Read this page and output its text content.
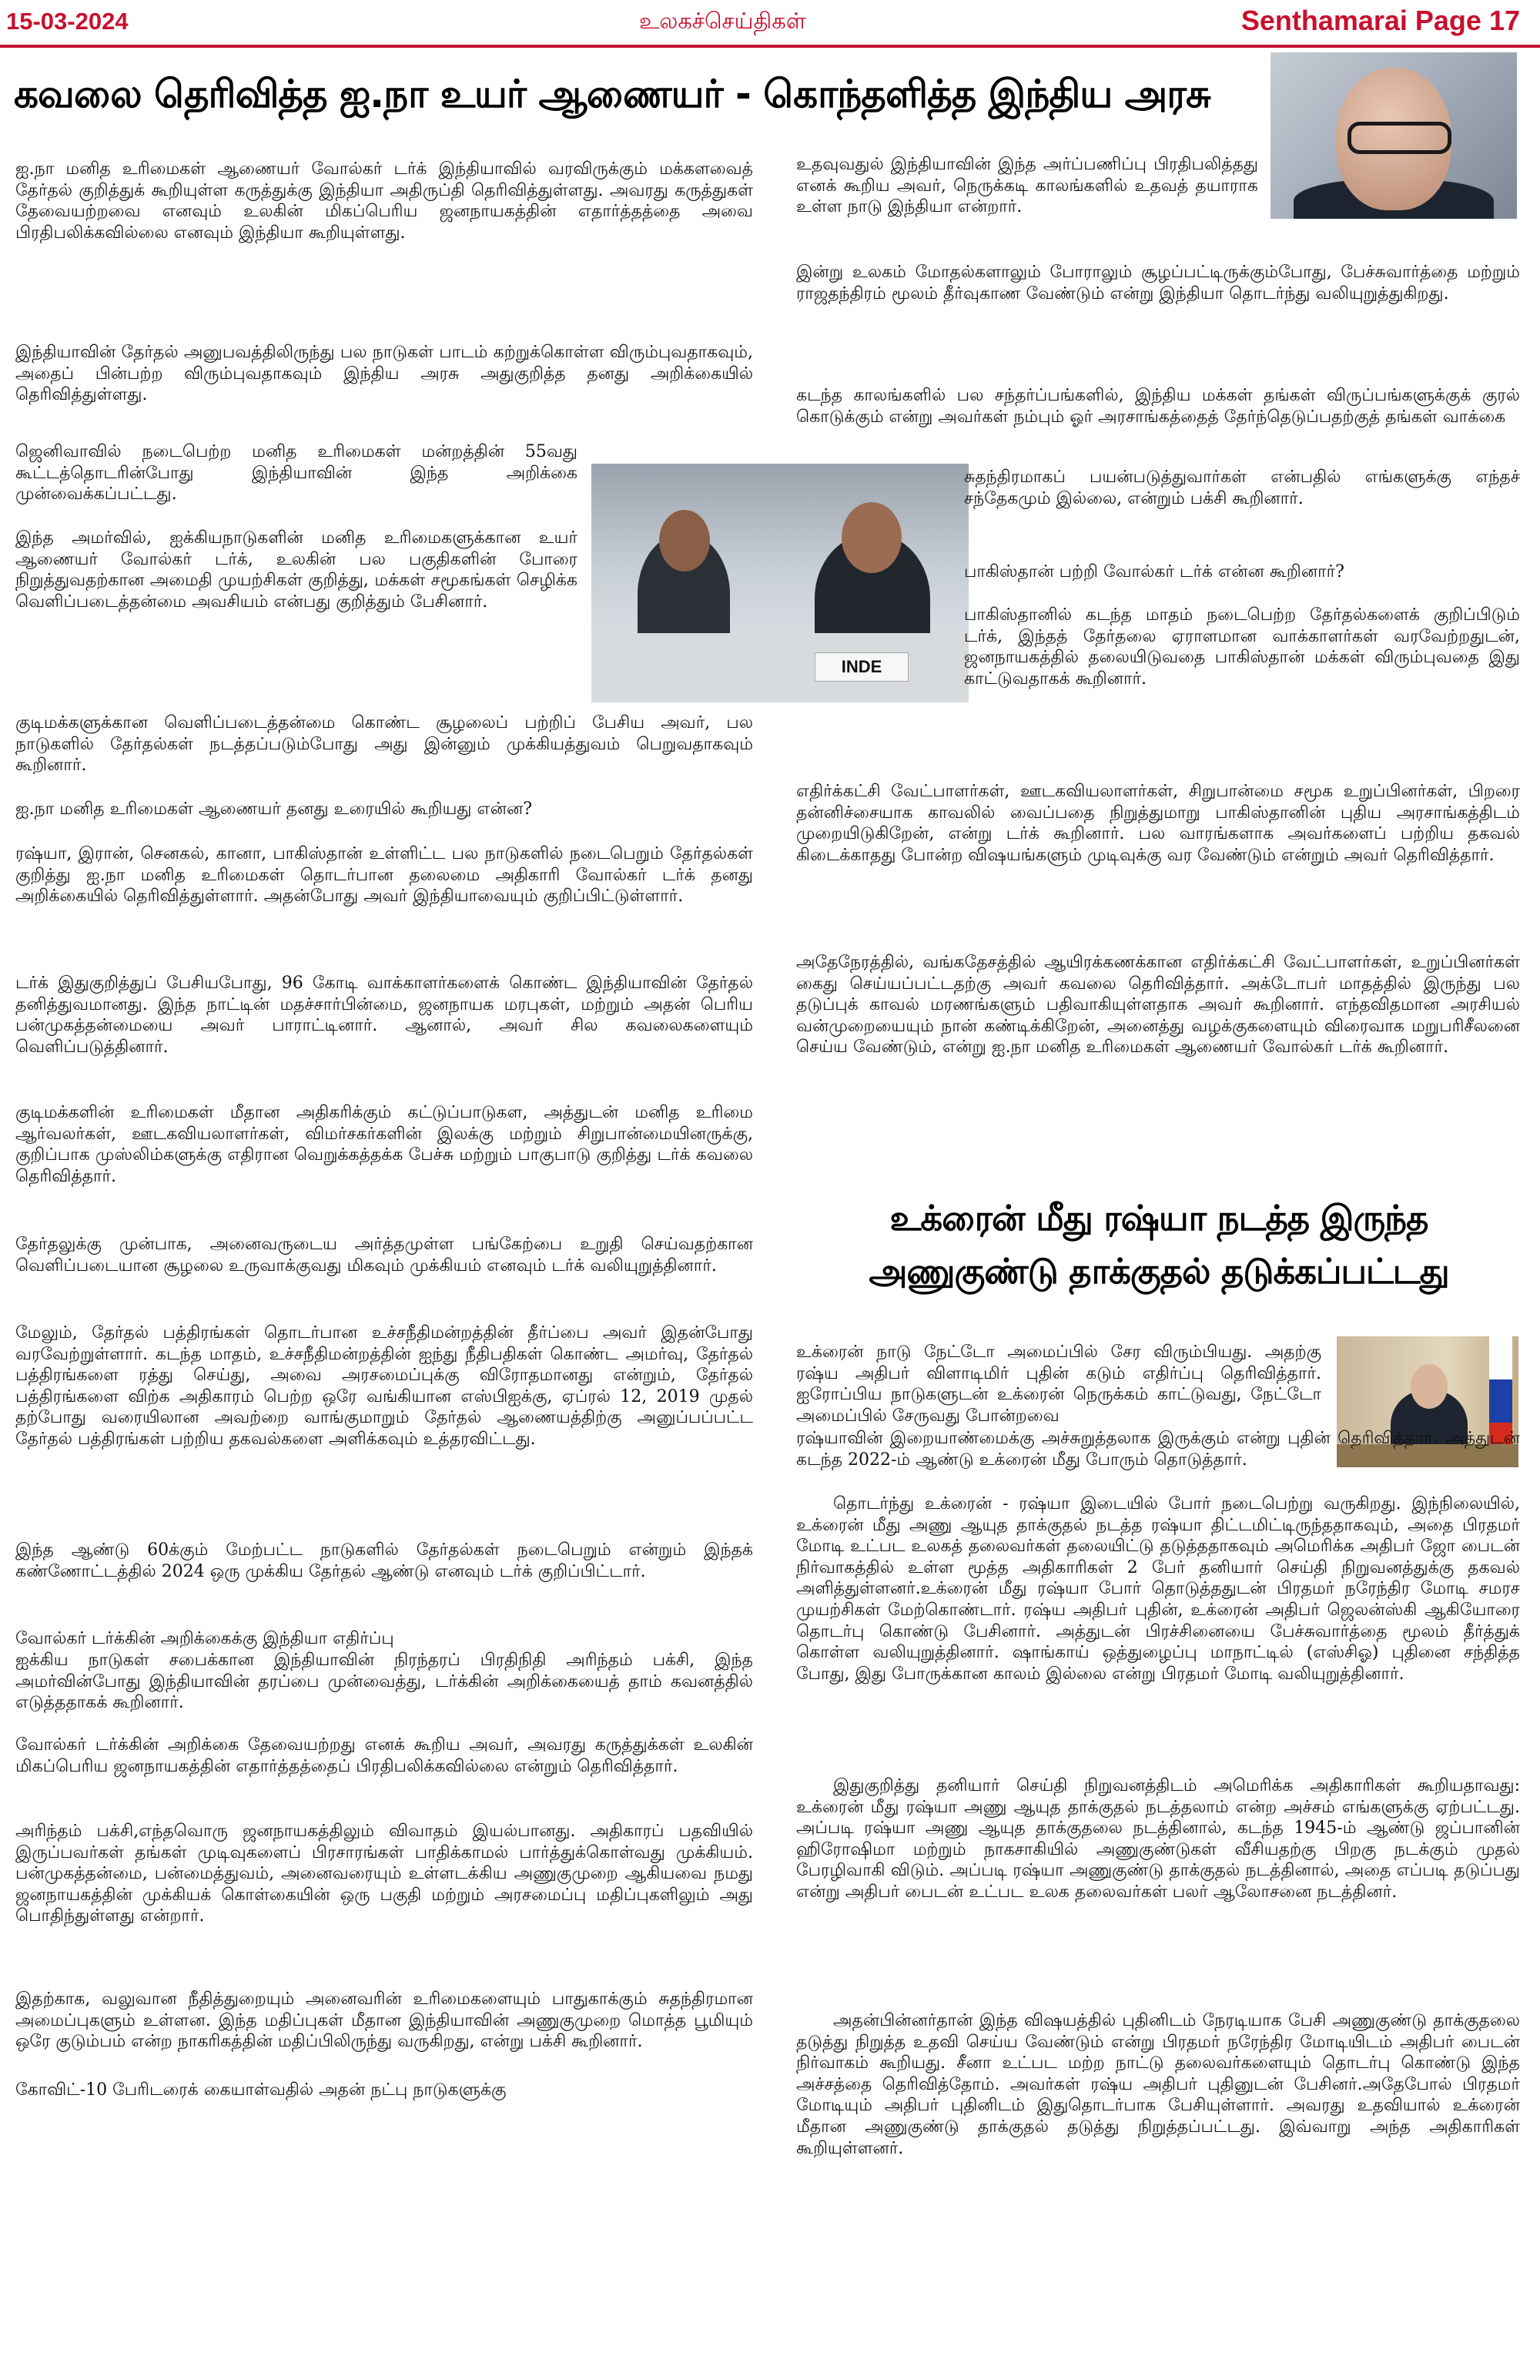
15-03-2024	உலகச்செய்திகள்	Senthamarai Page 17
கவலை தெரிவித்த ஐ.நா உயர் ஆணையர் - கொந்தளித்த இந்திய அரசு
INDE

ஐ.நா மனித உரிமைகள் ஆணையர் வோல்கர் டர்க் இந்தியாவில் வரவிருக்கும் மக்களவைத் தேர்தல் குறித்துக் கூறியுள்ள கருத்துக்கு இந்தியா அதிருப்தி தெரிவித்துள்ளது. அவரது கருத்துகள் தேவையற்றவை எனவும் உலகின் மிகப்பெரிய ஜனநாயகத்தின் எதார்த்தத்தை அவை பிரதிபலிக்கவில்லை எனவும் இந்தியா கூறியுள்ளது.

இந்தியாவின் தேர்தல் அனுபவத்திலிருந்து பல நாடுகள் பாடம் கற்றுக்கொள்ள விரும்புவதாகவும், அதைப் பின்பற்ற விரும்புவதாகவும் இந்திய அரசு அதுகுறித்த தனது அறிக்கையில் தெரிவித்துள்ளது.

ஜெனிவாவில் நடைபெற்ற மனித உரிமைகள் மன்றத்தின் 55வது கூட்டத்தொடரின்போது இந்தியாவின் இந்த அறிக்கை முன்வைக்கப்பட்டது.

இந்த அமர்வில், ஐக்கியநாடுகளின் மனித உரிமைகளுக்கான உயர் ஆணையர் வோல்கர் டர்க், உலகின் பல பகுதிகளின் போரை நிறுத்துவதற்கான அமைதி முயற்சிகள் குறித்து, மக்கள் சமூகங்கள் செழிக்க வெளிப்படைத்தன்மை அவசியம் என்பது குறித்தும் பேசினார்.

குடிமக்களுக்கான வெளிப்படைத்தன்மை கொண்ட சூழலைப் பற்றிப் பேசிய அவர், பல நாடுகளில் தேர்தல்கள் நடத்தப்படும்போது அது இன்னும் முக்கியத்துவம் பெறுவதாகவும் கூறினார்.

ஐ.நா மனித உரிமைகள் ஆணையர் தனது உரையில் கூறியது என்ன?

ரஷ்யா, இரான், செனகல், கானா, பாகிஸ்தான் உள்ளிட்ட பல நாடுகளில் நடைபெறும் தேர்தல்கள் குறித்து ஐ.நா மனித உரிமைகள் தொடர்பான தலைமை அதிகாரி வோல்கர் டர்க் தனது அறிக்கையில் தெரிவித்துள்ளார். அதன்போது அவர் இந்தியாவையும் குறிப்பிட்டுள்ளார்.

டர்க் இதுகுறித்துப் பேசியபோது, 96 கோடி வாக்காளர்களைக் கொண்ட இந்தியாவின் தேர்தல் தனித்துவமானது. இந்த நாட்டின் மதச்சார்பின்மை, ஜனநாயக மரபுகள், மற்றும் அதன் பெரிய பன்முகத்தன்மையை அவர் பாராட்டினார். ஆனால், அவர் சில கவலைகளையும் வெளிப்படுத்தினார்.

குடிமக்களின் உரிமைகள் மீதான அதிகரிக்கும் கட்டுப்பாடுகள, அத்துடன் மனித உரிமை ஆர்வலர்கள், ஊடகவியலாளர்கள், விமர்சகர்களின் இலக்கு மற்றும் சிறுபான்மையினருக்கு, குறிப்பாக முஸ்லிம்களுக்கு எதிரான வெறுக்கத்தக்க பேச்சு மற்றும் பாகுபாடு குறித்து டர்க் கவலை தெரிவித்தார்.

தேர்தலுக்கு முன்பாக, அனைவருடைய அர்த்தமுள்ள பங்கேற்பை உறுதி செய்வதற்கான வெளிப்படையான சூழலை உருவாக்குவது மிகவும் முக்கியம் எனவும் டர்க் வலியுறுத்தினார்.

மேலும், தேர்தல் பத்திரங்கள் தொடர்பான உச்சநீதிமன்றத்தின் தீர்ப்பை அவர் இதன்போது வரவேற்றுள்ளார். கடந்த மாதம், உச்சநீதிமன்றத்தின் ஐந்து நீதிபதிகள் கொண்ட அமர்வு, தேர்தல் பத்திரங்களை ரத்து செய்து, அவை அரசமைப்புக்கு விரோதமானது என்றும், தேர்தல் பத்திரங்களை விற்க அதிகாரம் பெற்ற ஒரே வங்கியான எஸ்பிஐக்கு, ஏப்ரல் 12, 2019 முதல் தற்போது வரையிலான அவற்றை வாங்குமாறும் தேர்தல் ஆணையத்திற்கு அனுப்பப்பட்ட தேர்தல் பத்திரங்கள் பற்றிய தகவல்களை அளிக்கவும் உத்தரவிட்டது.

இந்த ஆண்டு 60க்கும் மேற்பட்ட நாடுகளில் தேர்தல்கள் நடைபெறும் என்றும் இந்தக் கண்ணோட்டத்தில் 2024 ஒரு முக்கிய தேர்தல் ஆண்டு எனவும் டர்க் குறிப்பிட்டார்.

வோல்கர் டர்க்கின் அறிக்கைக்கு இந்தியா எதிர்ப்பு

ஐக்கிய நாடுகள் சபைக்கான இந்தியாவின் நிரந்தரப் பிரதிநிதி அரிந்தம் பக்சி, இந்த அமர்வின்போது இந்தியாவின் தரப்பை முன்வைத்து, டர்க்கின் அறிக்கையைத் தாம் கவனத்தில் எடுத்ததாகக் கூறினார்.

வோல்கர் டர்க்கின் அறிக்கை தேவையற்றது எனக் கூறிய அவர், அவரது கருத்துக்கள் உலகின் மிகப்பெரிய ஜனநாயகத்தின் எதார்த்தத்தைப் பிரதிபலிக்கவில்லை என்றும் தெரிவித்தார்.

அரிந்தம் பக்சி,எந்தவொரு ஜனநாயகத்திலும் விவாதம் இயல்பானது. அதிகாரப் பதவியில் இருப்பவர்கள் தங்கள் முடிவுகளைப் பிரசாரங்கள் பாதிக்காமல் பார்த்துக்கொள்வது முக்கியம். பன்முகத்தன்மை, பன்மைத்துவம், அனைவரையும் உள்ளடக்கிய அணுகுமுறை ஆகியவை நமது ஜனநாயகத்தின் முக்கியக் கொள்கையின் ஒரு பகுதி மற்றும் அரசமைப்பு மதிப்புகளிலும் அது பொதிந்துள்ளது என்றார்.

இதற்காக, வலுவான நீதித்துறையும் அனைவரின் உரிமைகளையும் பாதுகாக்கும் சுதந்திரமான அமைப்புகளும் உள்ளன. இந்த மதிப்புகள் மீதான இந்தியாவின் அணுகுமுறை மொத்த பூமியும் ஒரே குடும்பம் என்ற நாகரிகத்தின் மதிப்பிலிருந்து வருகிறது, என்று பக்சி கூறினார்.

கோவிட்-10 பேரிடரைக் கையாள்வதில் அதன் நட்பு நாடுகளுக்கு

உதவுவதுல் இந்தியாவின் இந்த அர்ப்பணிப்பு பிரதிபலித்தது எனக் கூறிய அவர், நெருக்கடி காலங்களில் உதவத் தயாராக உள்ள நாடு இந்தியா என்றார்.

இன்று உலகம் மோதல்களாலும் போராலும் சூழப்பட்டிருக்கும்போது, பேச்சுவார்த்தை மற்றும் ராஜதந்திரம் மூலம் தீர்வுகாண வேண்டும் என்று இந்தியா தொடர்ந்து வலியுறுத்துகிறது.

கடந்த காலங்களில் பல சந்தர்ப்பங்களில், இந்திய மக்கள் தங்கள் விருப்பங்களுக்குக் குரல் கொடுக்கும் என்று அவர்கள் நம்பும் ஓர் அரசாங்கத்தைத் தேர்ந்தெடுப்பதற்குத் தங்கள் வாக்கை

சுதந்திரமாகப் பயன்படுத்துவார்கள் என்பதில் எங்களுக்கு எந்தச் சந்தேகமும் இல்லை, என்றும் பக்சி கூறினார்.

பாகிஸ்தான் பற்றி வோல்கர் டர்க் என்ன கூறினார்?

பாகிஸ்தானில் கடந்த மாதம் நடைபெற்ற தேர்தல்களைக் குறிப்பிடும் டர்க், இந்தத் தேர்தலை ஏராளமான வாக்காளர்கள் வரவேற்றதுடன், ஜனநாயகத்தில் தலையிடுவதை பாகிஸ்தான் மக்கள் விரும்புவதை இது காட்டுவதாகக் கூறினார்.

எதிர்க்கட்சி வேட்பாளர்கள், ஊடகவியலாளர்கள், சிறுபான்மை சமூக உறுப்பினர்கள், பிறரை தன்னிச்சையாக காவலில் வைப்பதை நிறுத்துமாறு பாகிஸ்தானின் புதிய அரசாங்கத்திடம் முறையிடுகிறேன், என்று டர்க் கூறினார். பல வாரங்களாக அவர்களைப் பற்றிய தகவல் கிடைக்காதது போன்ற விஷயங்களும் முடிவுக்கு வர வேண்டும் என்றும் அவர் தெரிவித்தார்.

அதேநேரத்தில், வங்கதேசத்தில் ஆயிரக்கணக்கான எதிர்க்கட்சி வேட்பாளர்கள், உறுப்பினர்கள் கைது செய்யப்பட்டதற்கு அவர் கவலை தெரிவித்தார். அக்டோபர் மாதத்தில் இருந்து பல தடுப்புக் காவல் மரணங்களும் பதிவாகியுள்ளதாக அவர் கூறினார். எந்தவிதமான அரசியல் வன்முறையையும் நான் கண்டிக்கிறேன், அனைத்து வழக்குகளையும் விரைவாக மறுபரிசீலனை செய்ய வேண்டும், என்று ஐ.நா மனித உரிமைகள் ஆணையர் வோல்கர் டர்க் கூறினார்.

உக்ரைன் மீது ரஷ்யா நடத்த இருந்த
அணுகுண்டு தாக்குதல் தடுக்கப்பட்டது

உக்ரைன் நாடு நேட்டோ அமைப்பில் சேர விரும்பியது. அதற்கு ரஷ்ய அதிபர் விளாடிமிர் புதின் கடும் எதிர்ப்பு தெரிவித்தார். ஐரோப்பிய நாடுகளுடன் உக்ரைன் நெருக்கம் காட்டுவது, நேட்டோ அமைப்பில் சேருவது போன்றவை

ரஷ்யாவின் இறையாண்மைக்கு அச்சுறுத்தலாக இருக்கும் என்று புதின் தெரிவித்தார். அத்துடன் கடந்த 2022-ம் ஆண்டு உக்ரைன் மீது போரும் தொடுத்தார்.

தொடர்ந்து உக்ரைன் - ரஷ்யா இடையில் போர் நடைபெற்று வருகிறது. இந்நிலையில், உக்ரைன் மீது அணு ஆயுத தாக்குதல் நடத்த ரஷ்யா திட்டமிட்டிருந்ததாகவும், அதை பிரதமர் மோடி உட்பட உலகத் தலைவர்கள் தலையிட்டு தடுத்ததாகவும் அமெரிக்க அதிபர் ஜோ பைடன் நிர்வாகத்தில் உள்ள மூத்த அதிகாரிகள் 2 பேர் தனியார் செய்தி நிறுவனத்துக்கு தகவல் அளித்துள்ளனர்.உக்ரைன் மீது ரஷ்யா போர் தொடுத்ததுடன் பிரதமர் நரேந்திர மோடி சமரச முயற்சிகள் மேற்கொண்டார். ரஷ்ய அதிபர் புதின், உக்ரைன் அதிபர் ஜெலன்ஸ்கி ஆகியோரை தொடர்பு கொண்டு பேசினார். அத்துடன் பிரச்சினையை பேச்சுவார்த்தை மூலம் தீர்த்துக் கொள்ள வலியுறுத்தினார். ஷாங்காய் ஒத்துழைப்பு மாநாட்டில் (எஸ்சிஓ) புதினை சந்தித்த போது, இது போருக்கான காலம் இல்லை என்று பிரதமர் மோடி வலியுறுத்தினார்.

இதுகுறித்து தனியார் செய்தி நிறுவனத்திடம் அமெரிக்க அதிகாரிகள் கூறியதாவது: உக்ரைன் மீது ரஷ்யா அணு ஆயுத தாக்குதல் நடத்தலாம் என்ற அச்சம் எங்களுக்கு ஏற்பட்டது. அப்படி ரஷ்யா அணு ஆயுத தாக்குதலை நடத்தினால், கடந்த 1945-ம் ஆண்டு ஜப்பானின் ஹிரோஷிமா மற்றும் நாகசாகியில் அணுகுண்டுகள் வீசியதற்கு பிறகு நடக்கும் முதல் பேரழிவாகி விடும். அப்படி ரஷ்யா அணுகுண்டு தாக்குதல் நடத்தினால், அதை எப்படி தடுப்பது என்று அதிபர் பைடன் உட்பட உலக தலைவர்கள் பலர் ஆலோசனை நடத்தினர்.

அதன்பின்னர்தான் இந்த விஷயத்தில் புதினிடம் நேரடியாக பேசி அணுகுண்டு தாக்குதலை தடுத்து நிறுத்த உதவி செய்ய வேண்டும் என்று பிரதமர் நரேந்திர மோடியிடம் அதிபர் பைடன் நிர்வாகம் கூறியது. சீனா உட்பட மற்ற நாட்டு தலைவர்களையும் தொடர்பு கொண்டு இந்த அச்சத்தை தெரிவித்தோம். அவர்கள் ரஷ்ய அதிபர் புதினுடன் பேசினர்.அதேபோல் பிரதமர் மோடியும் அதிபர் புதினிடம் இதுதொடர்பாக பேசியுள்ளார். அவரது உதவியால் உக்ரைன் மீதான அணுகுண்டு தாக்குதல் தடுத்து நிறுத்தப்பட்டது. இவ்வாறு அந்த அதிகாரிகள் கூறியுள்ளனர்.
